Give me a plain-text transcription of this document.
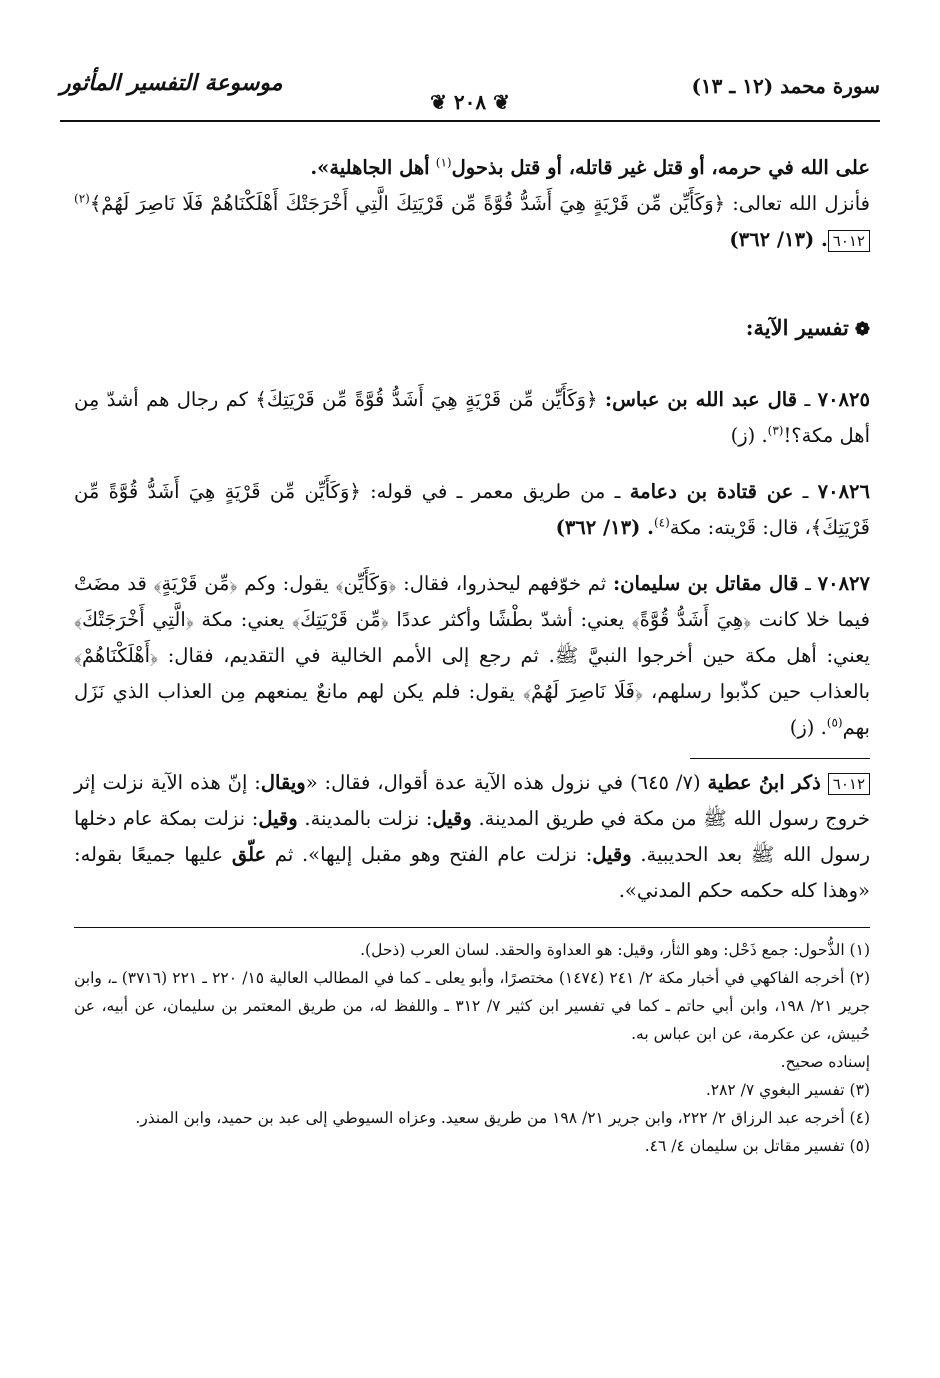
سورة محمد (١٢ ـ ١٣)
❦ ٢٠٨ ❦
موسوعة التفسير المأثور

على الله في حرمه، أو قتل غير قاتله، أو قتل بذحول$^{(١)}$ أهل الجاهلية».

فأنزل الله تعالى: ﴿وَكَأَيِّن مِّن قَرْيَةٍ هِيَ أَشَدُّ قُوَّةً مِّن قَرْيَتِكَ الَّتِي أَخْرَجَتْكَ أَهْلَكْنَاهُمْ فَلَا نَاصِرَ لَهُمْ﴾$^{(٢)}$٦٠١٢. (١٣/ ٣٦٢)

❁تفسير الآية:

٧٠٨٢٥ ـ قال عبد الله بن عباس: ﴿وَكَأَيِّن مِّن قَرْيَةٍ هِيَ أَشَدُّ قُوَّةً مِّن قَرْيَتِكَ﴾ كم رجال هم أشدّ مِن أهل مكة؟!$^{(٣)}$. (ز)

٧٠٨٢٦ ـ عن قتادة بن دعامة ـ من طريق معمر ـ في قوله: ﴿وَكَأَيِّن مِّن قَرْيَةٍ هِيَ أَشَدُّ قُوَّةً مِّن قَرْيَتِكَ﴾، قال: قَرْيته: مكة$^{(٤)}$. (١٣/ ٣٦٢)

٧٠٨٢٧ ـ قال مقاتل بن سليمان: ثم خوّفهم ليحذروا، فقال: ﴿وَكَأَيِّن﴾ يقول: وكم ﴿مِّن قَرْيَةٍ﴾ قد مضَتْ فيما خلا كانت ﴿هِيَ أَشَدُّ قُوَّةً﴾ يعني: أشدّ بطْشًا وأكثر عددًا ﴿مِّن قَرْيَتِكَ﴾ يعني: مكة ﴿الَّتِي أَخْرَجَتْكَ﴾ يعني: أهل مكة حين أخرجوا النبيَّ ﷺ. ثم رجع إلى الأمم الخالية في التقديم، فقال: ﴿أَهْلَكْنَاهُمْ﴾ بالعذاب حين كذّبوا رسلهم، ﴿فَلَا نَاصِرَ لَهُمْ﴾ يقول: فلم يكن لهم مانعٌ يمنعهم مِن العذاب الذي نَزَل بهم$^{(٥)}$. (ز)

٦٠١٢ ذكر ابنُ عطية (٧/ ٦٤٥) في نزول هذه الآية عدة أقوال، فقال: «ويقال: إنّ هذه الآية نزلت إثر خروج رسول الله ﷺ من مكة في طريق المدينة. وقيل: نزلت بالمدينة. وقيل: نزلت بمكة عام دخلها رسول الله ﷺ بعد الحديبية. وقيل: نزلت عام الفتح وهو مقبل إليها». ثم علّق عليها جميعًا بقوله: «وهذا كله حكمه حكم المدني».

(١) الذُّحول: جمع ذَحْل: وهو الثأر، وقيل: هو العداوة والحقد. لسان العرب (ذحل).

(٢) أخرجه الفاكهي في أخبار مكة ٢/ ٢٤١ (١٤٧٤) مختصرًا، وأبو يعلى ـ كما في المطالب العالية ١٥/ ٢٢٠ ـ ٢٢١ (٣٧١٦) ـ، وابن جرير ٢١/ ١٩٨، وابن أبي حاتم ـ كما في تفسير ابن كثير ٧/ ٣١٢ ـ واللفظ له، من طريق المعتمر بن سليمان، عن أبيه، عن حُبيش، عن عكرمة، عن ابن عباس به.

إسناده صحيح.

(٣) تفسير البغوي ٧/ ٢٨٢.

(٤) أخرجه عبد الرزاق ٢/ ٢٢٢، وابن جرير ٢١/ ١٩٨ من طريق سعيد. وعزاه السيوطي إلى عبد بن حميد، وابن المنذر.

(٥) تفسير مقاتل بن سليمان ٤/ ٤٦.
